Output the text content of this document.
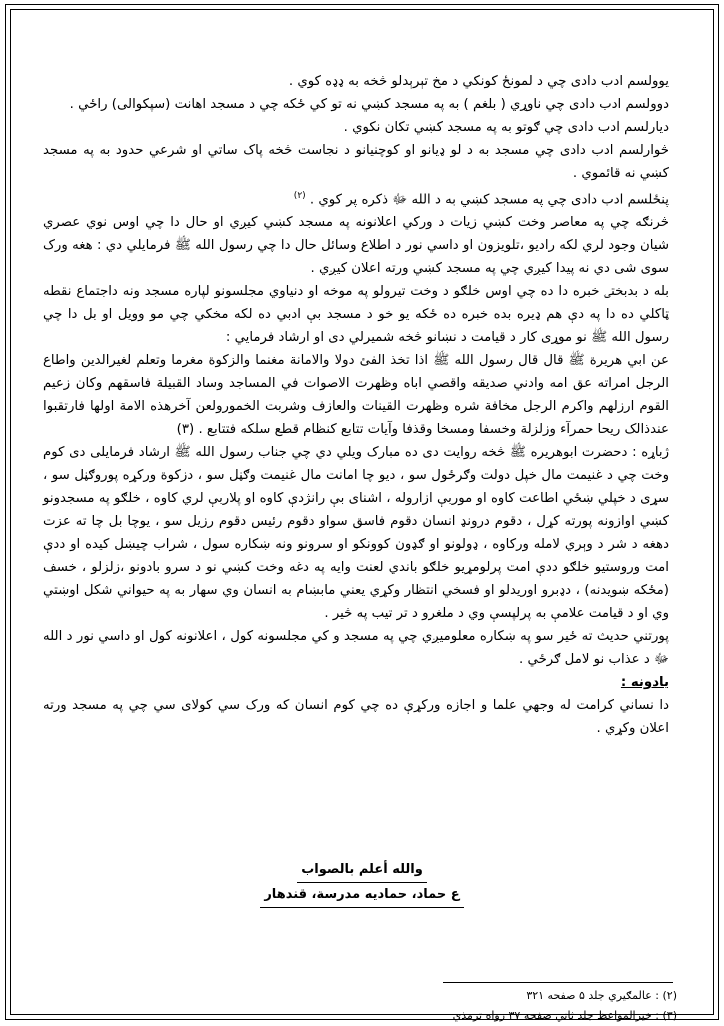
يوولسم ادب دادی چي د لمونځ کونکي د مخ تېرېدلو څخه به ډډه کوي .

دوولسم ادب دادی چي ناوړي ( بلغم ) به په مسجد کښي نه تو کي ځکه چي د مسجد اهانت (سپکوالی) راځي .

ديارلسم ادب دادی چي ګوتو به په مسجد کښي تکان نکوي .

څوارلسم ادب دادی چي مسجد به د لو ډيانو او کوچنيانو د نجاست څخه پاک ساتي او شرعي حدود به په مسجد کښي نه قائموي .

پنځلسم ادب دادی چي په مسجد کښي به د الله ﷻ ذکره پر کوي . $^{(۲)}$

څرنګه چي په معاصر وخت کښي زيات د ورکي اعلانونه په مسجد کښي کيږي او حال دا چي اوس نوي عصري شيان وجود لري لکه راديو ،تلويزون او داسي نور د اطلاع وسائل حال دا چي رسول الله ﷺ فرمايلي دي : هغه ورک سوی شی دي نه پيدا کيږي چي په مسجد کښي ورته اعلان کيږي .

بله د بدبختۍ خبره دا ده چي اوس خلګو د وخت تيرولو په موخه او دنياوي مجلسونو لپاره مسجد ونه داجتماع نقطه ټاکلي ده دا په دې هم ډيره بده خبره ده ځکه يو خو د مسجد بې ادبي ده لکه مخکي چي مو وويل او بل دا چي رسول الله ﷺ نو موړی کار د قيامت د نښانو څخه شميرلي دی او ارشاد فرمايي :

عن ابي هريرة ﷺ قال قال رسول الله ﷺ اذا تخذ الفئ دولا والامانة مغنما والزكوة مغرما وتعلم لغيرالدين واطاع الرجل امراته عق امه وادني صديقه واقصي اباه وظهرت الاصوات في المساجد وساد القبيلة فاسقهم وكان زعيم القوم ارزلهم واكرم الرجل مخافة شره وظهرت القينات والعازف وشربت الخمورولعن آخرهذه الامة اولها فارتقبوا عندذالک ريحا حمرآء وزلزلة وخسفا ومسخا وقذفا وآيات تتابع کنظام قطع سلکه فتتابع . (۳)

ژباړه : دحضرت ابوهريره ﷺ څخه روايت دی ده مبارک ويلي دي چي جناب رسول الله ﷺ ارشاد فرمايلی دی کوم وخت چي د غنيمت مال خپل دولت وګرځول سو ، ديو چا امانت مال غنيمت وګڼل سو ، دزکوة ورکړه پوروګڼل سو ، سړی د خپلي ښځي اطاعت کاوه او موربې ازاروله ، اشنای بې رانژدې کاوه او پلاربې لري کاوه ، خلګو په مسجدونو کښي اوازونه پورته کړل ، دقوم درونډ انسان دقوم فاسق سواو دقوم رئيس دقوم رزيل سو ، يوچا بل چا ته عزت دهغه د شر د وېري لامله ورکاوه ، ډولونو او ګډون کوونکو او سرونو ونه ښکاره سول ، شراب چيښل کيده او ددې امت وروستيو خلګو ددې امت پرلومړيو خلګو باندي لعنت وايه په دغه وخت کښي نو د سرو بادونو ،زلزلو ، خسف (مځکه ښويدنه) ، دډبرو اوريدلو او فسخي انتظار وکړي يعني مابښام به انسان وي سهار به په حيواني شکل اوښتي وي او د قيامت علامې به پرلپسې وي د ملغرو د تر تيب په څير .

پورتني حديث ته ځير سو په ښکاره معلوميږي چي په مسجد و کي مجلسونه کول ، اعلانونه کول او داسي نور د الله ﷻ د عذاب نو لامل ګرځي .

يادونه :

دا نساني کرامت له وجهي علما و اجازه ورکړې ده چي کوم انسان که ورک سي کولای سي چي په مسجد ورته اعلان وکړي .

والله أعلم بالصواب
ع حماد، حماديه مدرسة، قندهار
(۲) : عالمګيري جلد ۵ صفحه ۳۲۱
(۳) : خيرالمواعظ جلد ثاني صفحه ۳۷ رواه ترمذي
